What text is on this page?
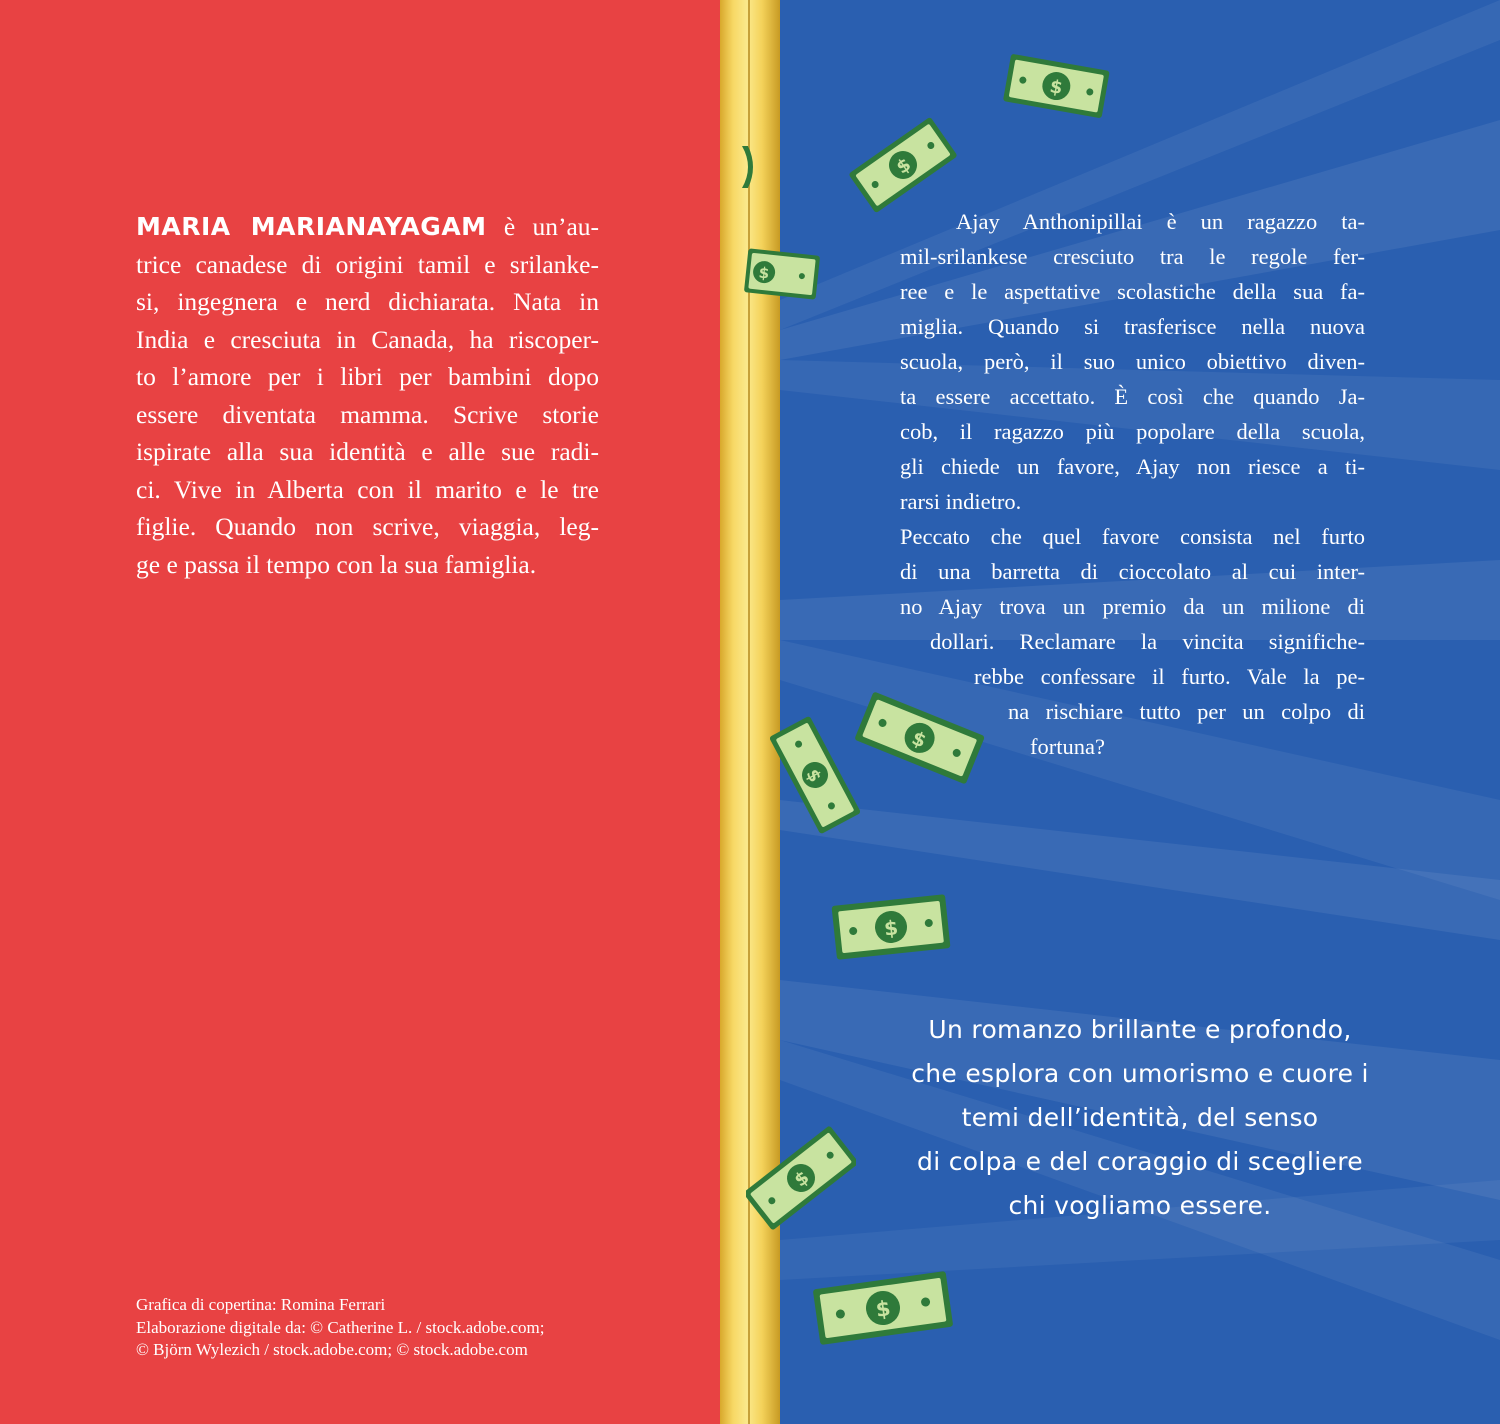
$
$
$
$
$
$
$
$
MARIA MARIANAYAGAM è un’au-
trice canadese di origini tamil e srilanke-
si, ingegnera e nerd dichiarata. Nata in
India e cresciuta in Canada, ha riscoper-
to l’amore per i libri per bambini dopo
essere diventata mamma. Scrive storie
ispirate alla sua identità e alle sue radi-
ci. Vive in Alberta con il marito e le tre
figlie. Quando non scrive, viaggia, leg-
ge e passa il tempo con la sua famiglia.
Grafica di copertina: Romina Ferrari
Elaborazione digitale da: © Catherine L. / stock.adobe.com;
© Björn Wylezich / stock.adobe.com; © stock.adobe.com
Ajay Anthonipillai è un ragazzo ta-
mil-srilankese cresciuto tra le regole fer-
ree e le aspettative scolastiche della sua fa-
miglia. Quando si trasferisce nella nuova
scuola, però, il suo unico obiettivo diven-
ta essere accettato. È così che quando Ja-
cob, il ragazzo più popolare della scuola,
gli chiede un favore, Ajay non riesce a ti-
rarsi indietro.
Peccato che quel favore consista nel furto
di una barretta di cioccolato al cui inter-
no Ajay trova un premio da un milione di
dollari. Reclamare la vincita significhe-
rebbe confessare il furto. Vale la pe-
na rischiare tutto per un colpo di
fortuna?
Un romanzo brillante e profondo,
che esplora con umorismo e cuore i
temi dell’identità, del senso
di colpa e del coraggio di scegliere
chi vogliamo essere.
